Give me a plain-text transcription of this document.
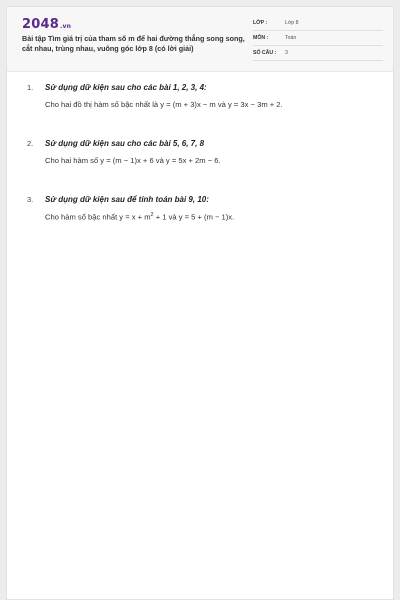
2048.vn
Bài tập Tìm giá trị của tham số m để hai đường thẳng song song, cắt nhau, trùng nhau, vuông góc lớp 8 (có lời giải)
LỚP :	Lớp 8
MÔN :	Toán
SỐ CÂU :	3
1.	Sử dụng dữ kiện sau cho các bài 1, 2, 3, 4:
Cho hai đồ thị hàm số bậc nhất là y = (m + 3)x − m và y = 3x − 3m + 2.
2.	Sử dụng dữ kiện sau cho các bài 5, 6, 7, 8
Cho hai hàm số y = (m − 1)x + 6 và y = 5x + 2m − 6.
3.	Sử dụng dữ kiện sau để tính toán bài 9, 10:
Cho hàm số bậc nhất $y = x + m^2 + 1$ và y = 5 + (m − 1)x.
